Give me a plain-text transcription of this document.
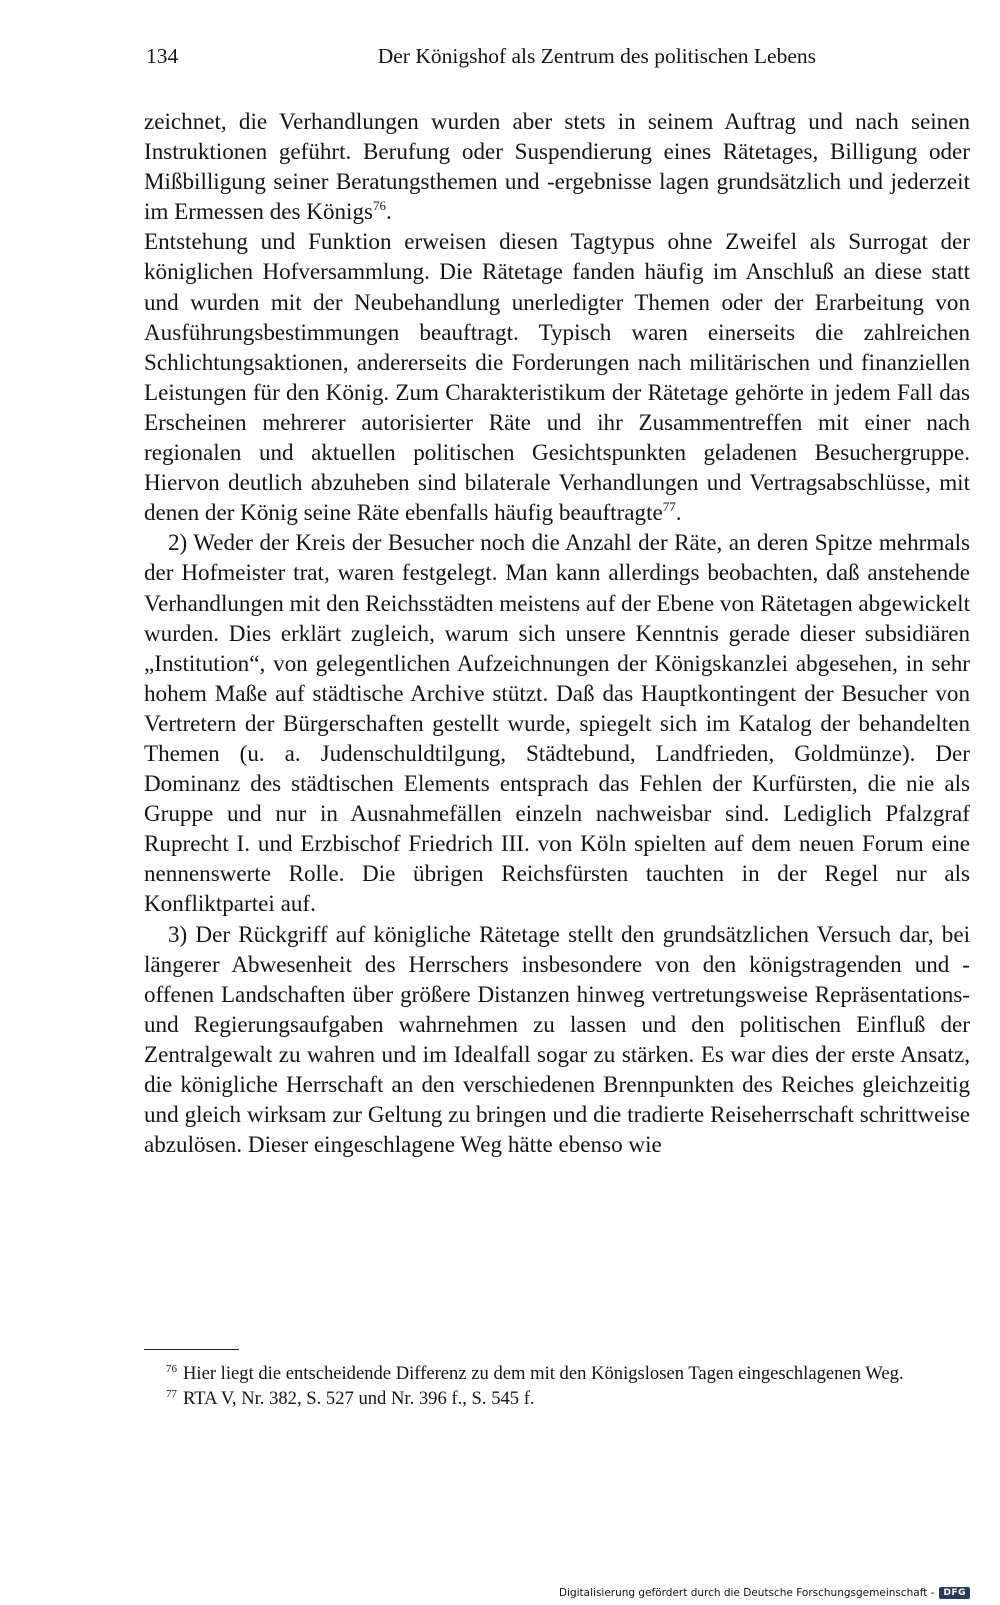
134	Der Königshof als Zentrum des politischen Lebens

zeichnet, die Verhandlungen wurden aber stets in seinem Auftrag und nach seinen Instruktionen geführt. Berufung oder Suspendierung eines Rätetages, Billigung oder Mißbilligung seiner Beratungsthemen und -ergebnisse lagen grundsätzlich und jederzeit im Ermessen des Königs$^{76}$.

Entstehung und Funktion erweisen diesen Tagtypus ohne Zweifel als Surrogat der königlichen Hofversammlung. Die Rätetage fanden häufig im Anschluß an diese statt und wurden mit der Neubehandlung unerledigter Themen oder der Erarbeitung von Ausführungsbestimmungen beauftragt. Typisch waren einerseits die zahlreichen Schlichtungsaktionen, andererseits die Forderungen nach militärischen und finanziellen Leistungen für den König. Zum Charakteristikum der Rätetage gehörte in jedem Fall das Erscheinen mehrerer autorisierter Räte und ihr Zusammentreffen mit einer nach regionalen und aktuellen politischen Gesichtspunkten geladenen Besuchergruppe. Hiervon deutlich abzuheben sind bilaterale Verhandlungen und Vertragsabschlüsse, mit denen der König seine Räte ebenfalls häufig beauftragte$^{77}$.

2) Weder der Kreis der Besucher noch die Anzahl der Räte, an deren Spitze mehrmals der Hofmeister trat, waren festgelegt. Man kann allerdings beobachten, daß anstehende Verhandlungen mit den Reichsstädten meistens auf der Ebene von Rätetagen abgewickelt wurden. Dies erklärt zugleich, warum sich unsere Kenntnis gerade dieser subsidiären „Institution“, von gelegentlichen Aufzeichnungen der Königskanzlei abgesehen, in sehr hohem Maße auf städtische Archive stützt. Daß das Hauptkontingent der Besucher von Vertretern der Bürgerschaften gestellt wurde, spiegelt sich im Katalog der behandelten Themen (u. a. Judenschuldtilgung, Städtebund, Landfrieden, Goldmünze). Der Dominanz des städtischen Elements entsprach das Fehlen der Kurfürsten, die nie als Gruppe und nur in Ausnahmefällen einzeln nachweisbar sind. Lediglich Pfalzgraf Ruprecht I. und Erzbischof Friedrich III. von Köln spielten auf dem neuen Forum eine nennenswerte Rolle. Die übrigen Reichsfürsten tauchten in der Regel nur als Konfliktpartei auf.

3) Der Rückgriff auf königliche Rätetage stellt den grundsätzlichen Versuch dar, bei längerer Abwesenheit des Herrschers insbesondere von den königstragenden und -offenen Landschaften über größere Distanzen hinweg vertretungsweise Repräsentations- und Regierungsaufgaben wahrnehmen zu lassen und den politischen Einfluß der Zentralgewalt zu wahren und im Idealfall sogar zu stärken. Es war dies der erste Ansatz, die königliche Herrschaft an den verschiedenen Brennpunkten des Reiches gleichzeitig und gleich wirksam zur Geltung zu bringen und die tradierte Reiseherrschaft schrittweise abzulösen. Dieser eingeschlagene Weg hätte ebenso wie

$^{76}$ Hier liegt die entscheidende Differenz zu dem mit den Königslosen Tagen eingeschlagenen Weg.

$^{77}$ RTA V, Nr. 382, S. 527 und Nr. 396 f., S. 545 f.

Digitalisierung gefördert durch die Deutsche Forschungsgemeinschaft -	DFG
